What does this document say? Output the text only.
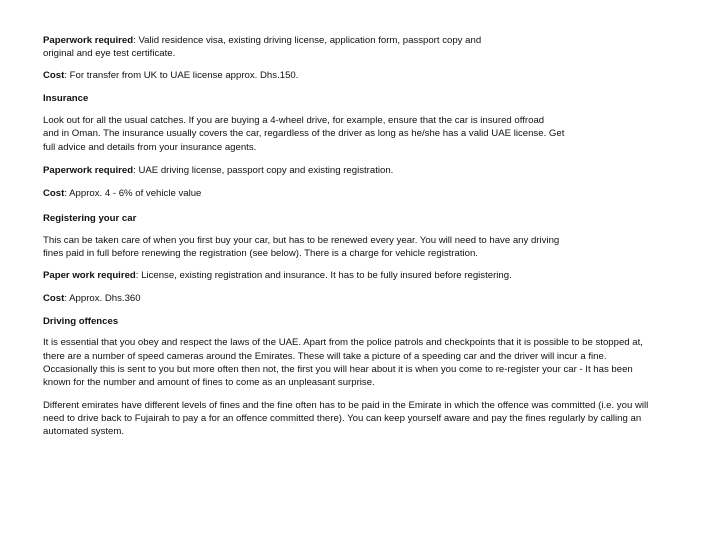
Paperwork required: Valid residence visa, existing driving license, application form, passport copy and
original and eye test certificate.

Cost: For transfer from UK to UAE license approx. Dhs.150.

Insurance

Look out for all the usual catches. If you are buying a 4-wheel drive, for example, ensure that the car is insured offroad
and in Oman. The insurance usually covers the car, regardless of the driver as long as he/she has a valid UAE license. Get
full advice and details from your insurance agents.

Paperwork required: UAE driving license, passport copy and existing registration.

Cost: Approx. 4 - 6% of vehicle value

Registering your car

This can be taken care of when you first buy your car, but has to be renewed every year. You will need to have any driving
fines paid in full before renewing the registration (see below). There is a charge for vehicle registration.

Paper work required: License, existing registration and insurance. It has to be fully insured before registering.

Cost: Approx. Dhs.360

Driving offences

It is essential that you obey and respect the laws of the UAE. Apart from the police patrols and checkpoints that it is possible to be stopped at,
there are a number of speed cameras around the Emirates. These will take a picture of a speeding car and the driver will incur a fine.
Occasionally this is sent to you but more often then not, the first you will hear about it is when you come to re-register your car - It has been
known for the number and amount of fines to come as an unpleasant surprise.

Different emirates have different levels of fines and the fine often has to be paid in the Emirate in which the offence was committed (i.e. you will
need to drive back to Fujairah to pay a for an offence committed there). You can keep yourself aware and pay the fines regularly by calling an
automated system.
